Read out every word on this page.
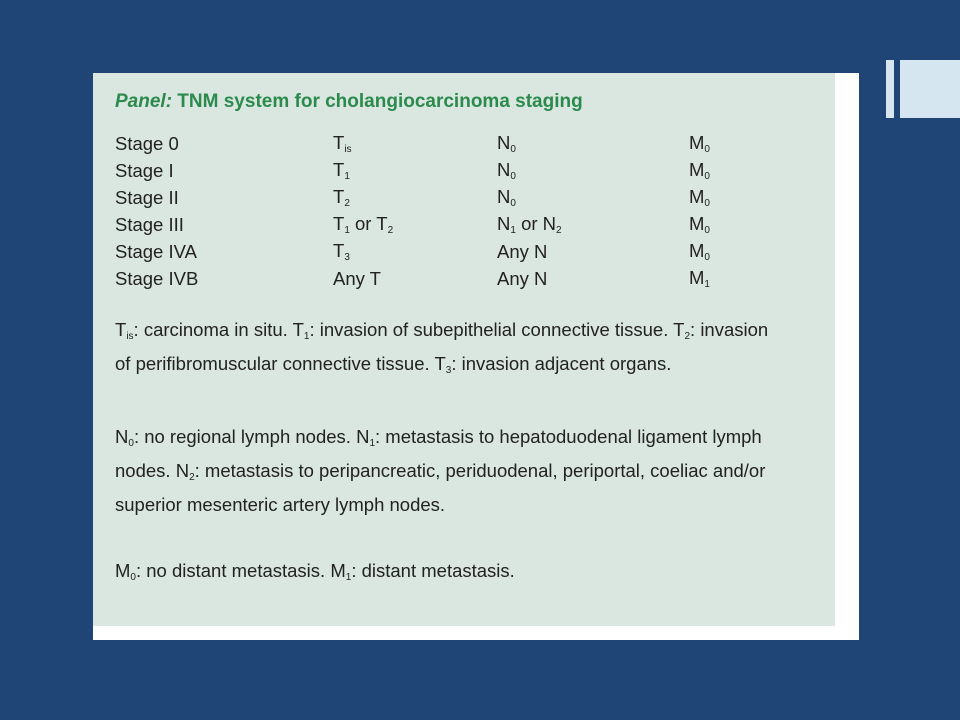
Panel: TNM system for cholangiocarcinoma staging
Stage 0	$T_{is}$	$N_0$	$M_0$
Stage I	$T_1$	$N_0$	$M_0$
Stage II	$T_2$	$N_0$	$M_0$
Stage III	$T_1$ or $T_2$	$N_1$ or $N_2$	$M_0$
Stage IVA	$T_3$	Any N	$M_0$
Stage IVB	Any T	Any N	$M_1$

$T_{is}$: carcinoma in situ. $T_1$: invasion of subepithelial connective tissue. $T_2$: invasion of perifibromuscular connective tissue. $T_3$: invasion adjacent organs.

$N_0$: no regional lymph nodes. $N_1$: metastasis to hepatoduodenal ligament lymph nodes. $N_2$: metastasis to peripancreatic, periduodenal, periportal, coeliac and/or superior mesenteric artery lymph nodes.

$M_0$: no distant metastasis. $M_1$: distant metastasis.
